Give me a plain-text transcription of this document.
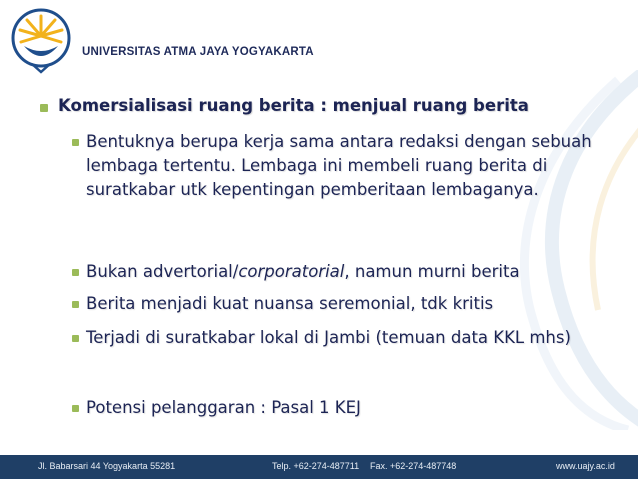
UNIVERSITAS ATMA JAYA YOGYAKARTA
Komersialisasi ruang berita : menjual ruang berita
Bentuknya berupa kerja sama antara redaksi dengan sebuah lembaga tertentu. Lembaga ini membeli ruang berita di suratkabar utk kepentingan pemberitaan lembaganya.
Bukan advertorial/corporatorial, namun murni berita
Berita menjadi kuat nuansa seremonial, tdk kritis
Terjadi di suratkabar lokal di Jambi (temuan data KKL mhs)
Potensi pelanggaran : Pasal 1 KEJ
Jl. Babarsari 44 Yogyakarta 55281	Telp. +62-274-487711 Fax. +62-274-487748	www.uajy.ac.id
